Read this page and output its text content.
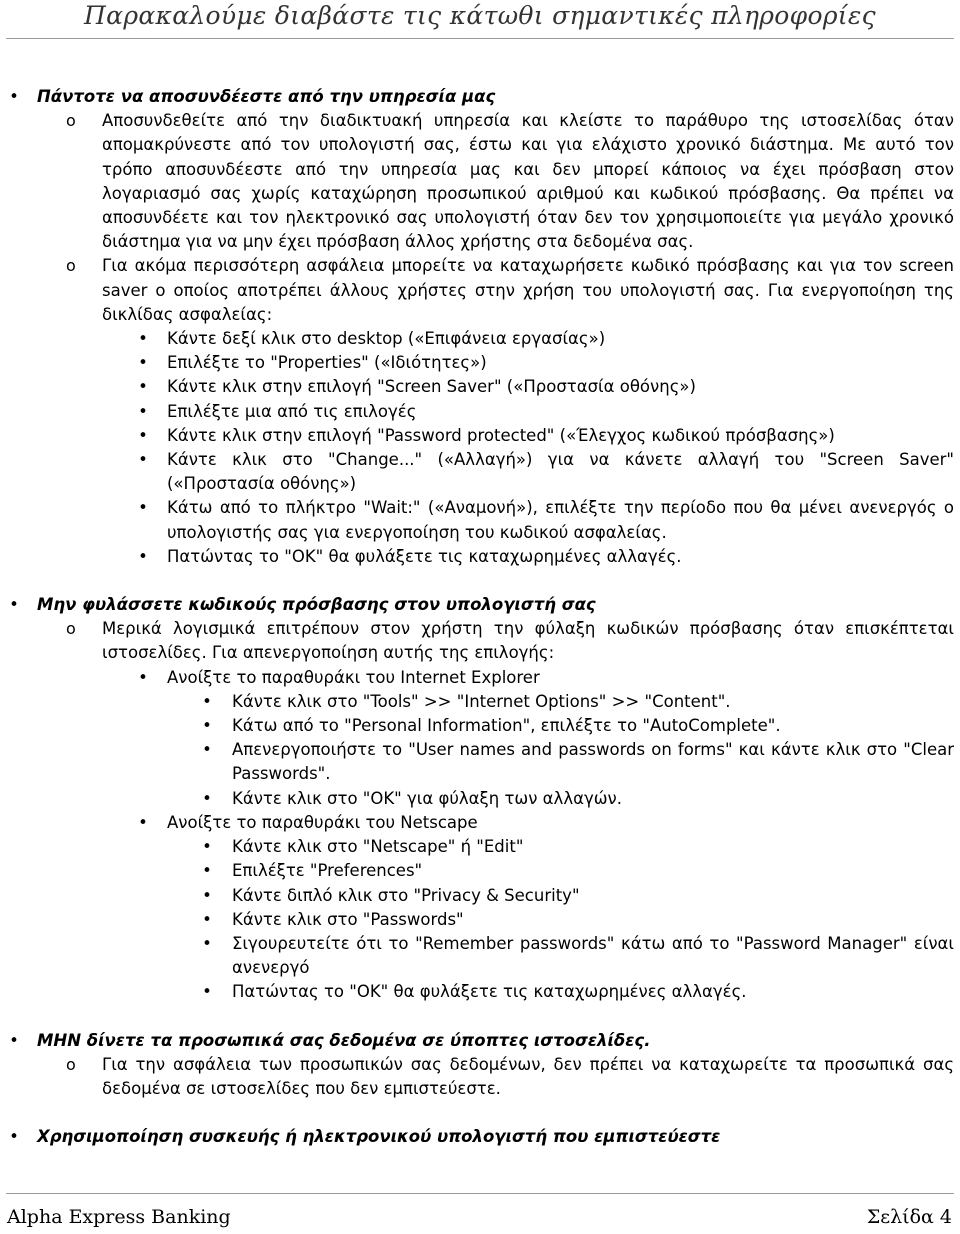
Παρακαλούμε διαβάστε τις κάτωθι σημαντικές πληροφορίες
• Πάντοτε να αποσυνδέεστε από την υπηρεσία μας
o Αποσυνδεθείτε από την διαδικτυακή υπηρεσία και κλείστε το παράθυρο της ιστοσελίδας όταν απομακρύνεστε από τον υπολογιστή σας, έστω και για ελάχιστο χρονικό διάστημα. Με αυτό τον τρόπο αποσυνδέεστε από την υπηρεσία μας και δεν μπορεί κάποιος να έχει πρόσβαση στον λογαριασμό σας χωρίς καταχώρηση προσωπικού αριθμού και κωδικού πρόσβασης. Θα πρέπει να αποσυνδέετε και τον ηλεκτρονικό σας υπολογιστή όταν δεν τον χρησιμοποιείτε για μεγάλο χρονικό διάστημα για να μην έχει πρόσβαση άλλος χρήστης στα δεδομένα σας.
o Για ακόμα περισσότερη ασφάλεια μπορείτε να καταχωρήσετε κωδικό πρόσβασης και για τον screen saver ο οποίος αποτρέπει άλλους χρήστες στην χρήση του υπολογιστή σας. Για ενεργοποίηση της δικλίδας ασφαλείας:
• Κάντε δεξί κλικ στο desktop («Επιφάνεια εργασίας»)
• Επιλέξτε το "Properties" («Ιδιότητες»)
• Κάντε κλικ στην επιλογή "Screen Saver" («Προστασία οθόνης»)
• Επιλέξτε μια από τις επιλογές
• Κάντε κλικ στην επιλογή "Password protected" («Έλεγχος κωδικού πρόσβασης»)
• Κάντε κλικ στο "Change..." («Αλλαγή») για να κάνετε αλλαγή του "Screen Saver" («Προστασία οθόνης»)
• Κάτω από το πλήκτρο "Wait:" («Αναμονή»), επιλέξτε την περίοδο που θα μένει ανενεργός ο υπολογιστής σας για ενεργοποίηση του κωδικού ασφαλείας.
• Πατώντας το "OK" θα φυλάξετε τις καταχωρημένες αλλαγές.
• Μην φυλάσσετε κωδικούς πρόσβασης στον υπολογιστή σας
o Μερικά λογισμικά επιτρέπουν στον χρήστη την φύλαξη κωδικών πρόσβασης όταν επισκέπτεται ιστοσελίδες. Για απενεργοποίηση αυτής της επιλογής:
• Ανοίξτε το παραθυράκι του Internet Explorer
• Κάντε κλικ στο "Tools" >> "Internet Options" >> "Content".
• Κάτω από το "Personal Information", επιλέξτε το "AutoComplete".
• Απενεργοποιήστε το "User names and passwords on forms" και κάντε κλικ στο "Clear Passwords".
• Κάντε κλικ στο "OK" για φύλαξη των αλλαγών.
• Ανοίξτε το παραθυράκι του Netscape
• Κάντε κλικ στο "Netscape" ή "Edit"
• Επιλέξτε "Preferences"
• Κάντε διπλό κλικ στο "Privacy & Security"
• Κάντε κλικ στο "Passwords"
• Σιγουρευτείτε ότι το "Remember passwords" κάτω από το "Password Manager" είναι ανενεργό
• Πατώντας το "OK" θα φυλάξετε τις καταχωρημένες αλλαγές.
• ΜΗΝ δίνετε τα προσωπικά σας δεδομένα σε ύποπτες ιστοσελίδες.
o Για την ασφάλεια των προσωπικών σας δεδομένων, δεν πρέπει να καταχωρείτε τα προσωπικά σας δεδομένα σε ιστοσελίδες που δεν εμπιστεύεστε.
• Χρησιμοποίηση συσκευής ή ηλεκτρονικού υπολογιστή που εμπιστεύεστε
Alpha Express Banking	Σελίδα 4
